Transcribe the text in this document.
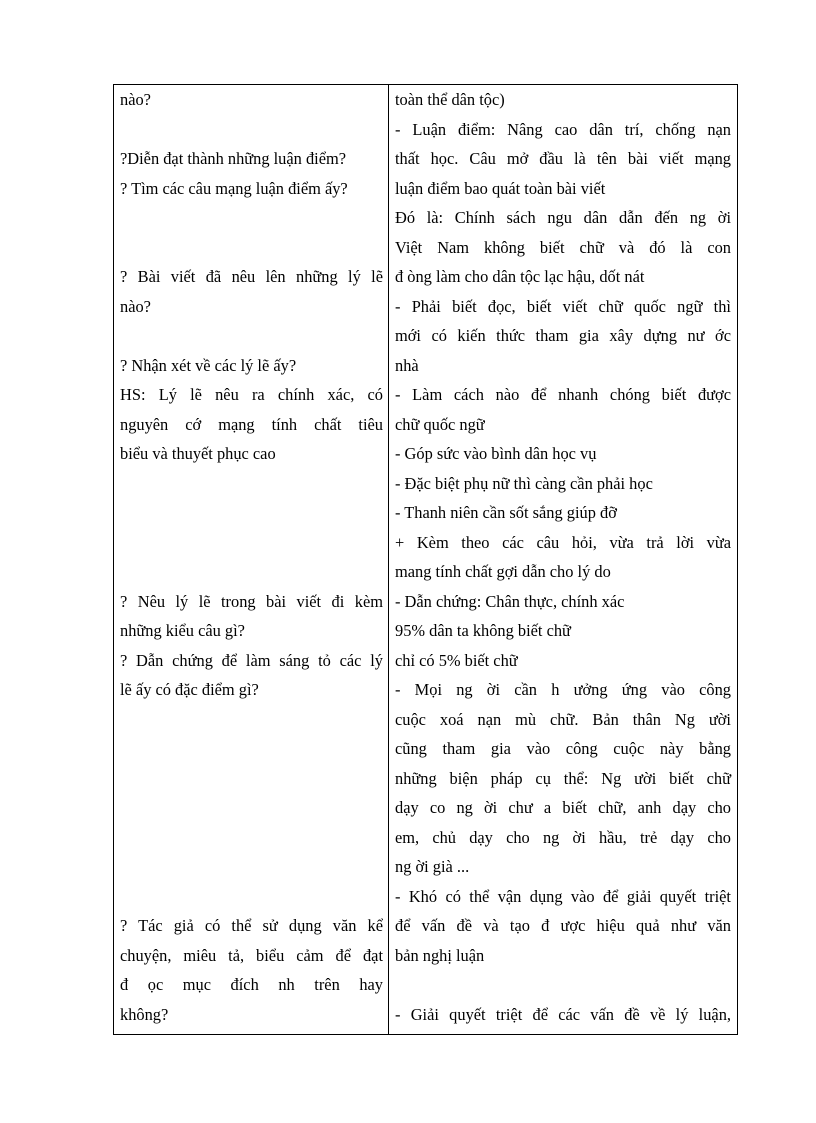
nào?
?Diễn đạt thành những luận điểm?
? Tìm các câu mạng luận điểm ấy?
? Bài viết đã nêu lên những lý lẽ
nào?
? Nhận xét về các lý lẽ ấy?
HS: Lý lẽ nêu ra chính xác, có
nguyên cớ mạng tính chất tiêu
biểu và thuyết phục cao
? Nêu lý lẽ trong bài viết đi kèm
những kiểu câu gì?
? Dẫn chứng để làm sáng tỏ các lý
lẽ ấy có đặc điểm gì?
? Tác giả có thể sử dụng văn kể
chuyện, miêu tả, biểu cảm để đạt
đ ọc mục đích nh trên hay
không?
toàn thể dân tộc)
- Luận điểm: Nâng cao dân trí, chống nạn
thất học. Câu mở đầu là tên bài viết mạng
luận điểm bao quát toàn bài viết
Đó là: Chính sách ngu dân dẫn đến ng ời
Việt Nam không biết chữ và đó là con
đ òng làm cho dân tộc lạc hậu, dốt nát
- Phải biết đọc, biết viết chữ quốc ngữ thì
mới có kiến thức tham gia xây dựng nư ớc
nhà
- Làm cách nào để nhanh chóng biết được
chữ quốc ngữ
- Góp sức vào bình dân học vụ
- Đặc biệt phụ nữ thì càng cần phải học
- Thanh niên cần sốt sắng giúp đỡ
+ Kèm theo các câu hỏi, vừa trả lời vừa
mang tính chất gợi dẫn cho lý do
- Dẫn chứng: Chân thực, chính xác
95% dân ta không biết chữ
chỉ có 5% biết chữ
- Mọi ng ời cần h ưởng ứng vào công
cuộc xoá nạn mù chữ. Bản thân Ng ười
cũng tham gia vào công cuộc này bằng
những biện pháp cụ thể: Ng ười biết chữ
dạy co ng ời chư a biết chữ, anh dạy cho
em, chủ dạy cho ng ời hầu, trẻ dạy cho
ng ời già ...
- Khó có thể vận dụng vào để giải quyết triệt
để vấn đề và tạo đ ược hiệu quả như văn
bản nghị luận
- Giải quyết triệt để các vấn đề về lý luận,
